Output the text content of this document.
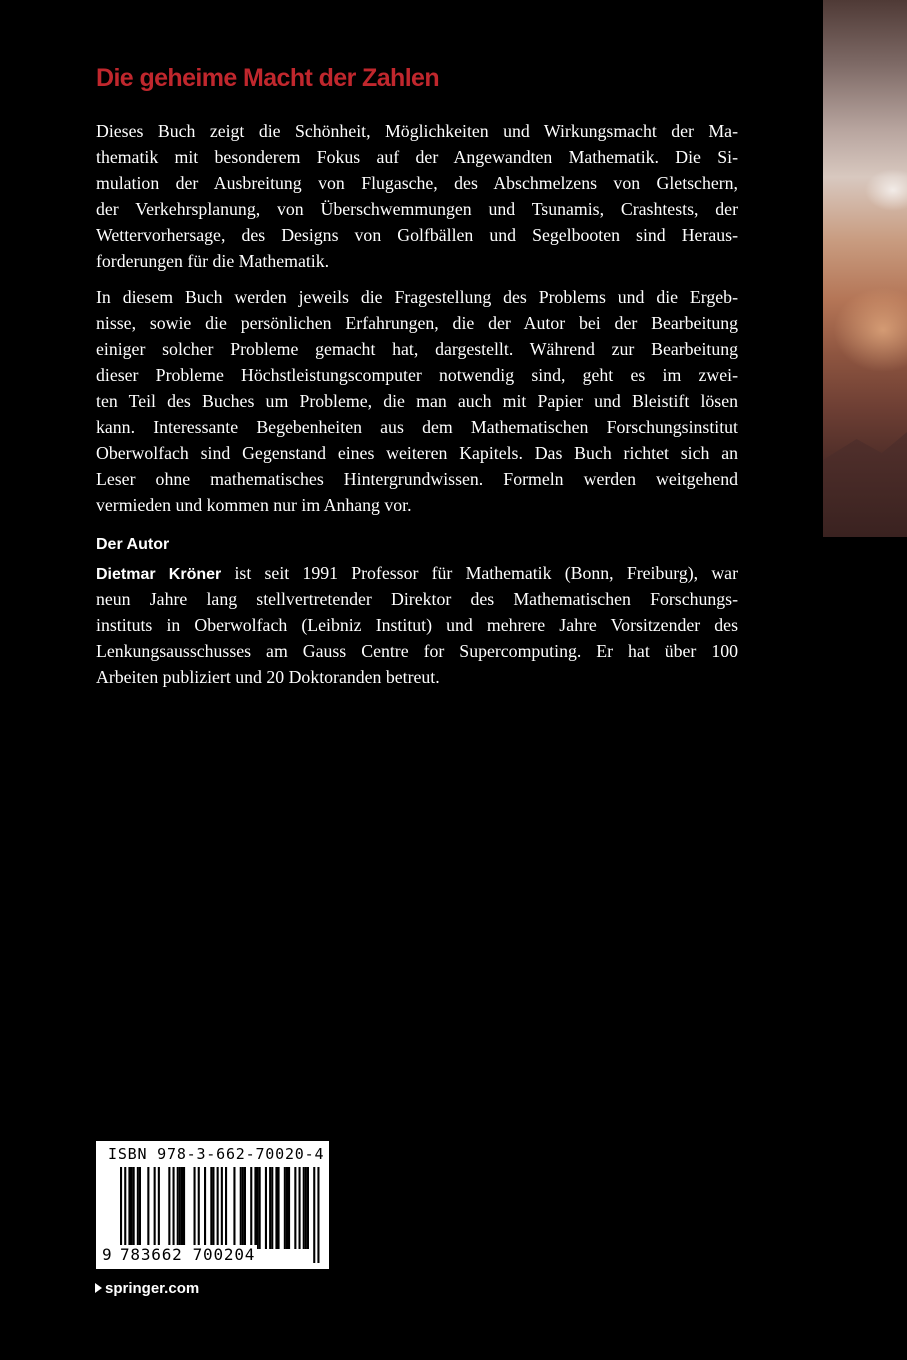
Die geheime Macht der Zahlen
Dieses Buch zeigt die Schönheit, Möglichkeiten und Wirkungsmacht der Ma-
thematik mit besonderem Fokus auf der Angewandten Mathematik. Die Si-
mulation der Ausbreitung von Flugasche, des Abschmelzens von Gletschern,
der Verkehrsplanung, von Überschwemmungen und Tsunamis, Crashtests, der
Wettervorhersage, des Designs von Golfbällen und Segelbooten sind Heraus-
forderungen für die Mathematik.
In diesem Buch werden jeweils die Fragestellung des Problems und die Ergeb-
nisse, sowie die persönlichen Erfahrungen, die der Autor bei der Bearbeitung
einiger solcher Probleme gemacht hat, dargestellt. Während zur Bearbeitung
dieser Probleme Höchstleistungscomputer notwendig sind, geht es im zwei-
ten Teil des Buches um Probleme, die man auch mit Papier und Bleistift lösen
kann. Interessante Begebenheiten aus dem Mathematischen Forschungsinstitut
Oberwolfach sind Gegenstand eines weiteren Kapitels. Das Buch richtet sich an
Leser ohne mathematisches Hintergrundwissen. Formeln werden weitgehend
vermieden und kommen nur im Anhang vor.
Der Autor
Dietmar Kröner ist seit 1991 Professor für Mathematik (Bonn, Freiburg), war
neun Jahre lang stellvertretender Direktor des Mathematischen Forschungs-
instituts in Oberwolfach (Leibniz Institut) und mehrere Jahre Vorsitzender des
Lenkungsausschusses am Gauss Centre for Supercomputing. Er hat über 100
Arbeiten publiziert und 20 Doktoranden betreut.
ISBN 978-3-662-70020-4
9 783662 700204
springer.com
